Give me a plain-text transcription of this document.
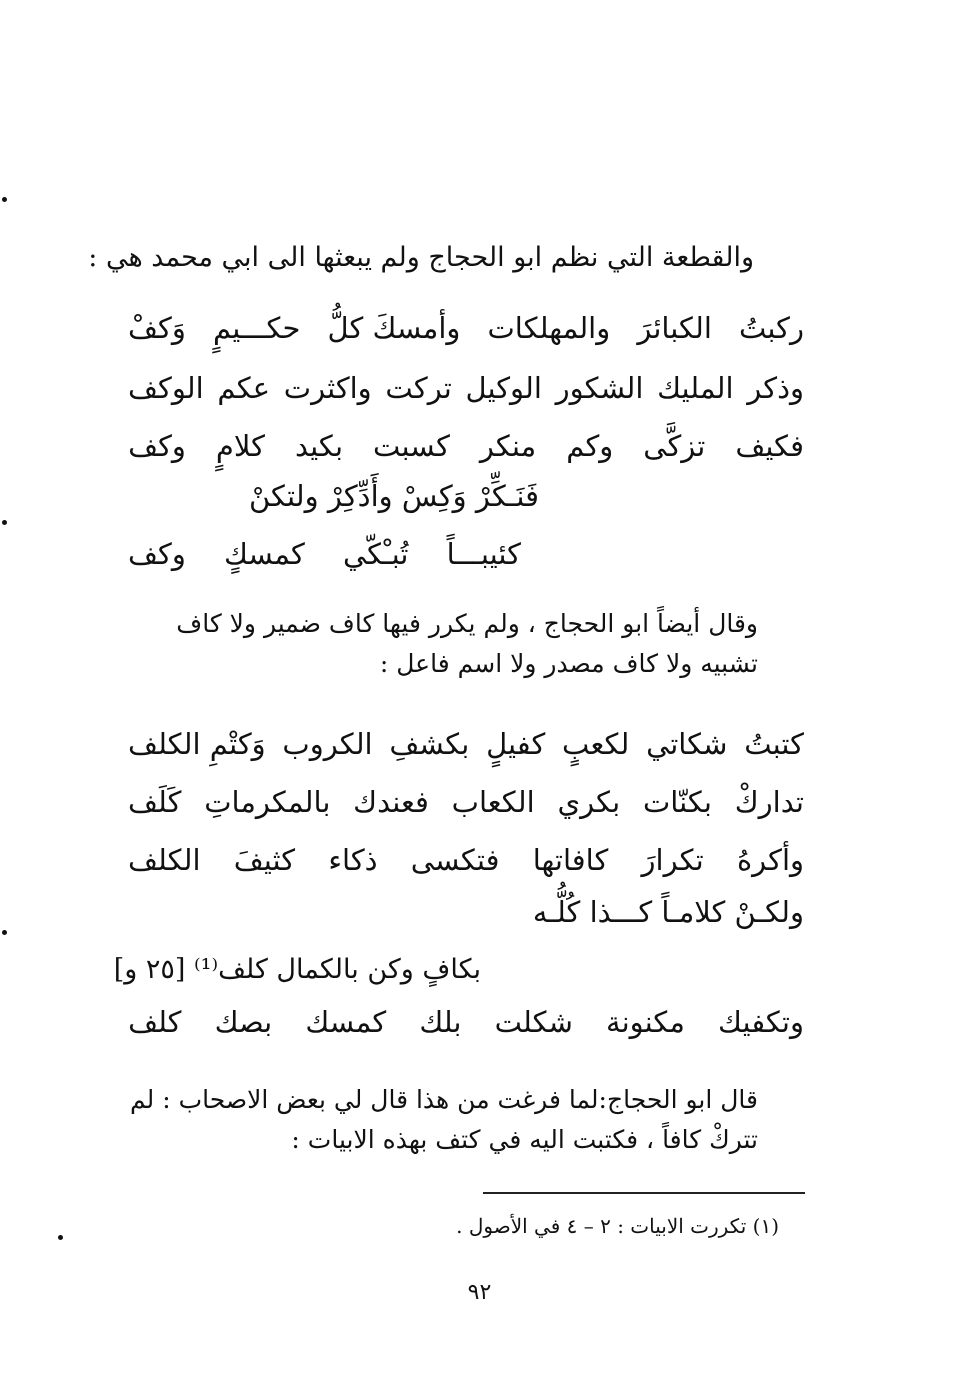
والقطعة التي نظم ابو الحجاج ولم يبعثها الى ابي محمد هي :
ركبتُ
الكبائرَ
والمهلكات
وأمسكَ كلُّ
حكـــيمٍ
وَكفْ
وذكر
المليك
الشكور
الوكيل
تركت
واكثرت
عكم
الوكف
فكيف
تزكَّى
وكم
منكر
كسبت
بكيد
كلامٍ
وكف
فَنَـكِّرْ وَكِسْ وأَدِّكِرْ ولتكنْ
كئيبـــاً
تُبـْكّي
كمسكٍ
وكف
وقال أيضاً ابو الحجاج ، ولم يكرر فيها كاف ضمير ولا كاف تشبيه ولا كاف مصدر ولا اسم فاعل :
كتبتُ
شكاتي
لكعبٍ
كفيلٍ
بكشفِ
الكروب
وَكتْمِ الكلف
تداركْ
بكنّات
بكري
الكعاب
فعندك
بالمكرماتِ
كَلَف
وأكرهُ
تكرارَ
كافاتها
فتكسى
ذكاء
كثيفَ
الكلف
ولكـنْ كلامـاً كـــذا كُلُّـه
بكافٍ وكن بالكمال كلف⁽¹⁾ [٢٥ و]
وتكفيك
مكنونة
شكلت
بلك
كمسك
بصك
كلف
قال ابو الحجاج:لما فرغت من هذا قال لي بعض الاصحاب : لم تتركْ كافاً ، فكتبت اليه في كتف بهذه الابيات :
(١) تكررت الابيات : ٢ – ٤ في الأصول .
٩٢
